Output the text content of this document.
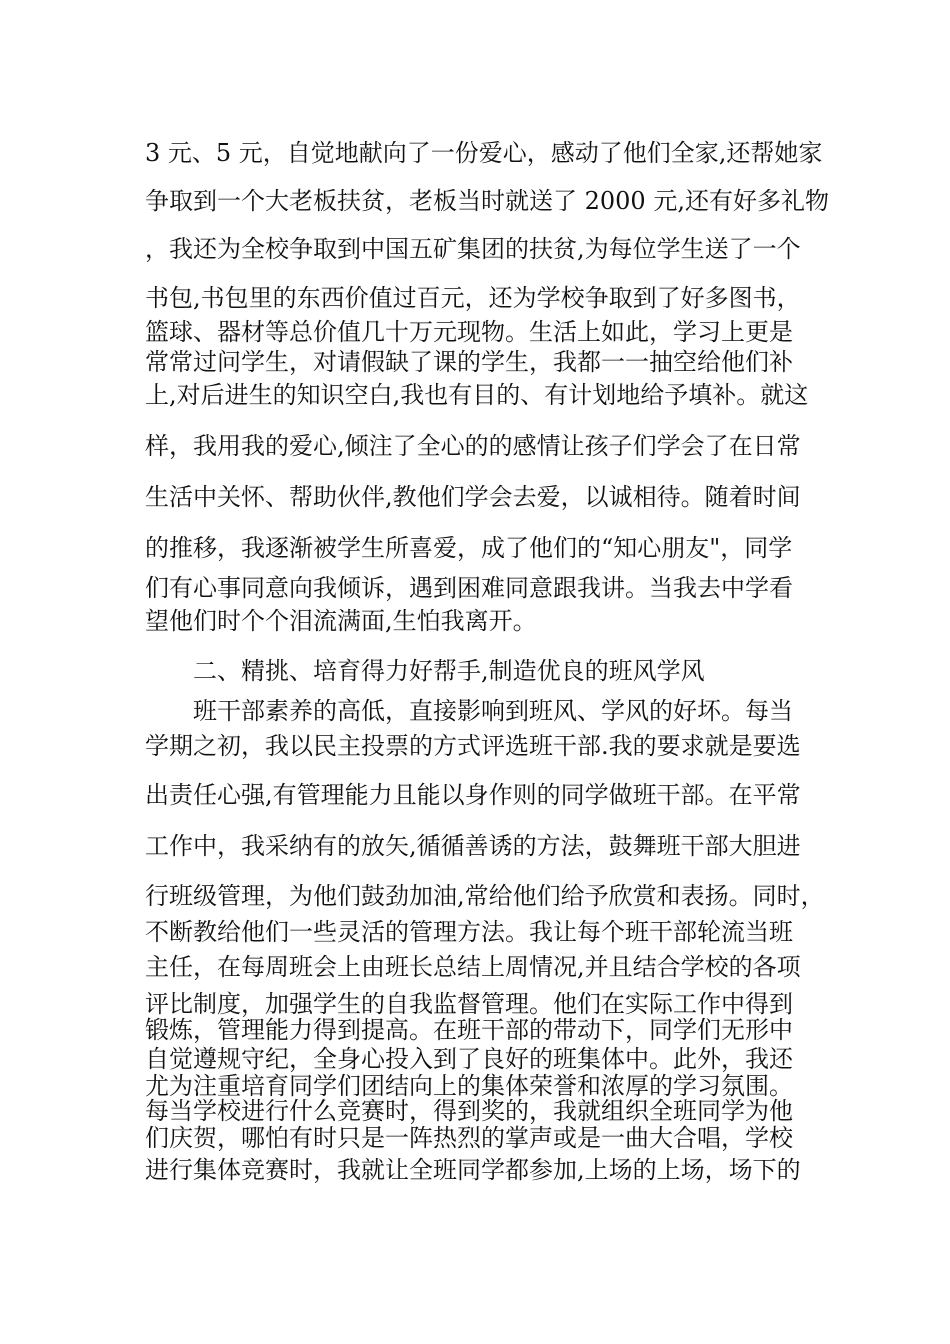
3 元、5 元，自觉地献向了一份爱心，感动了他们全家,还帮她家
争取到一个大老板扶贫，老板当时就送了 2000 元,还有好多礼物
，我还为全校争取到中国五矿集团的扶贫,为每位学生送了一个
书包,书包里的东西价值过百元，还为学校争取到了好多图书，
篮球、器材等总价值几十万元现物。生活上如此，学习上更是
常常过问学生，对请假缺了课的学生，我都一一抽空给他们补
上,对后进生的知识空白,我也有目的、有计划地给予填补。就这
样，我用我的爱心,倾注了全心的的感情让孩子们学会了在日常
生活中关怀、帮助伙伴,教他们学会去爱，以诚相待。随着时间
的推移，我逐渐被学生所喜爱，成了他们的“知心朋友"，同学
们有心事同意向我倾诉，遇到困难同意跟我讲。当我去中学看
望他们时个个泪流满面,生怕我离开。
二、精挑、培育得力好帮手,制造优良的班风学风
班干部素养的高低，直接影响到班风、学风的好坏。每当
学期之初，我以民主投票的方式评选班干部.我的要求就是要选
出责任心强,有管理能力且能以身作则的同学做班干部。在平常
工作中，我采纳有的放矢,循循善诱的方法，鼓舞班干部大胆进
行班级管理，为他们鼓劲加油,常给他们给予欣赏和表扬。同时，
不断教给他们一些灵活的管理方法。我让每个班干部轮流当班
主任，在每周班会上由班长总结上周情况,并且结合学校的各项
评比制度，加强学生的自我监督管理。他们在实际工作中得到
锻炼，管理能力得到提高。在班干部的带动下，同学们无形中
自觉遵规守纪，全身心投入到了良好的班集体中。此外，我还
尤为注重培育同学们团结向上的集体荣誉和浓厚的学习氛围。
每当学校进行什么竞赛时，得到奖的，我就组织全班同学为他
们庆贺，哪怕有时只是一阵热烈的掌声或是一曲大合唱，学校
进行集体竞赛时，我就让全班同学都参加,上场的上场，场下的
